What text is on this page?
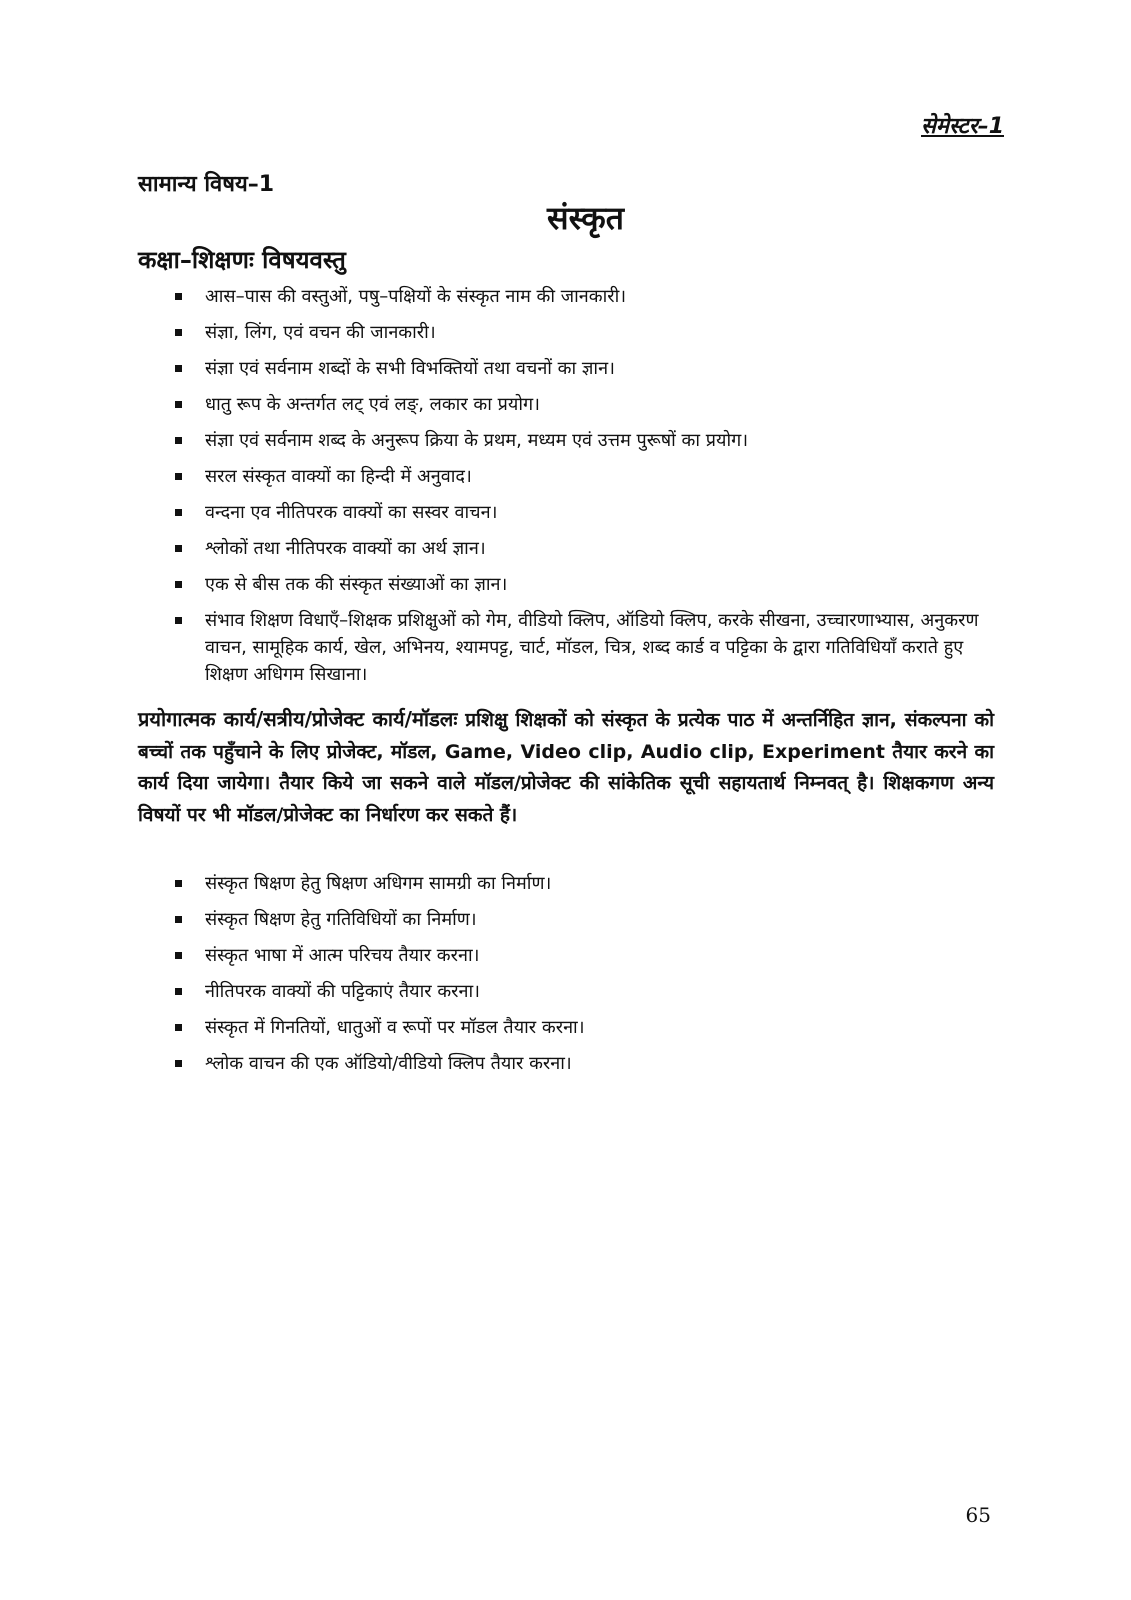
सेमेस्टर–1
सामान्य विषय–1
संस्कृत
कक्षा–शिक्षणः विषयवस्तु
आस–पास की वस्तुओं, पषु–पक्षियों के संस्कृत नाम की जानकारी।
संज्ञा, लिंग, एवं वचन की जानकारी।
संज्ञा एवं सर्वनाम शब्दों के सभी विभक्तियों तथा वचनों का ज्ञान।
धातु रूप के अन्तर्गत लट् एवं लङ्, लकार का प्रयोग।
संज्ञा एवं सर्वनाम शब्द के अनुरूप क्रिया के प्रथम, मध्यम एवं उत्तम पुरूषों का प्रयोग।
सरल संस्कृत वाक्यों का हिन्दी में अनुवाद।
वन्दना एव नीतिपरक वाक्यों का सस्वर वाचन।
श्लोकों तथा नीतिपरक वाक्यों का अर्थ ज्ञान।
एक से बीस तक की संस्कृत संख्याओं का ज्ञान।
संभाव शिक्षण विधाएँ–शिक्षक प्रशिक्षुओं को गेम, वीडियो क्लिप, ऑडियो क्लिप, करके सीखना, उच्चारणाभ्यास, अनुकरण वाचन, सामूहिक कार्य, खेल, अभिनय, श्यामपट्ट, चार्ट, मॉडल, चित्र, शब्द कार्ड व पट्टिका के द्वारा गतिविधियाँ कराते हुए शिक्षण अधिगम सिखाना।

प्रयोगात्मक कार्य/सत्रीय/प्रोजेक्ट कार्य/मॉडलः प्रशिक्षु शिक्षकों को संस्कृत के प्रत्येक पाठ में अन्तर्निहित ज्ञान, संकल्पना को बच्चों तक पहुँचाने के लिए प्रोजेक्ट, मॉडल, Game, Video clip, Audio clip, Experiment तैयार करने का कार्य दिया जायेगा। तैयार किये जा सकने वाले मॉडल/प्रोजेक्ट की सांकेतिक सूची सहायतार्थ निम्नवत् है। शिक्षकगण अन्य विषयों पर भी मॉडल/प्रोजेक्ट का निर्धारण कर सकते हैं।

संस्कृत षिक्षण हेतु षिक्षण अधिगम सामग्री का निर्माण।
संस्कृत षिक्षण हेतु गतिविधियों का निर्माण।
संस्कृत भाषा में आत्म परिचय तैयार करना।
नीतिपरक वाक्यों की पट्टिकाएं तैयार करना।
संस्कृत में गिनतियों, धातुओं व रूपों पर मॉडल तैयार करना।
श्लोक वाचन की एक ऑडियो/वीडियो क्लिप तैयार करना।
65
